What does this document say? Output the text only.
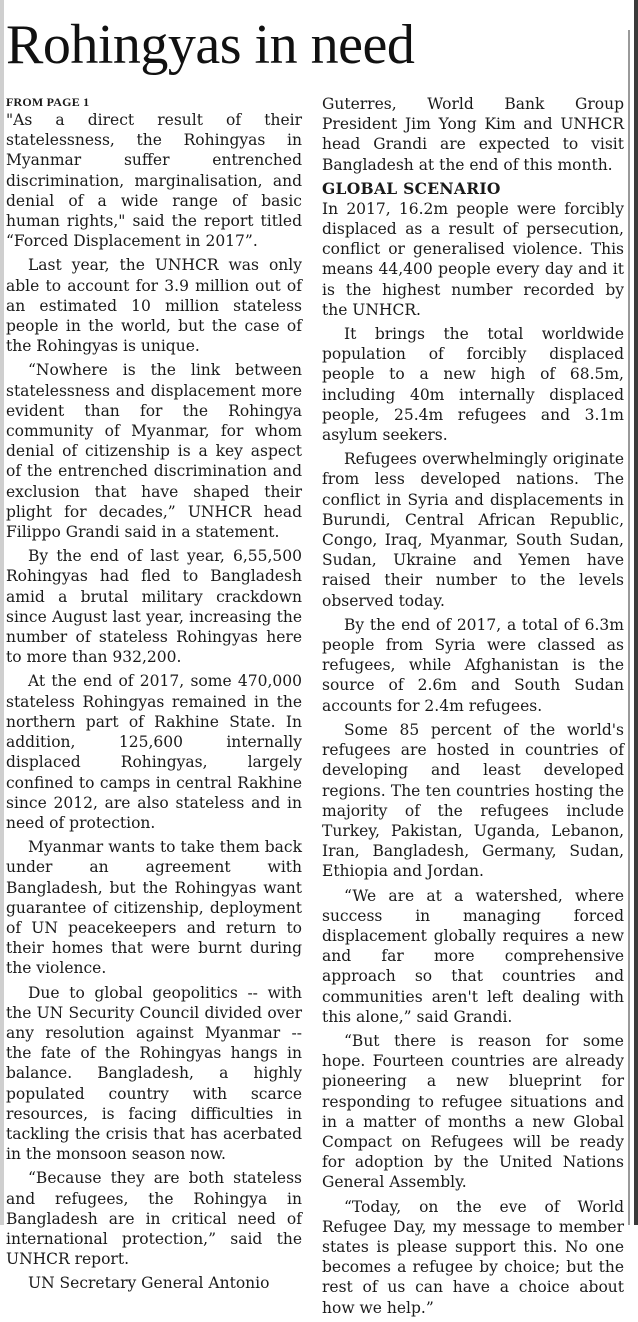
Rohingyas in need
FROM PAGE 1

"As a direct result of their statelessness, the Rohingyas in Myanmar suffer entrenched discrimination, marginalisation, and denial of a wide range of basic human rights," said the report titled “Forced Displacement in 2017”.

Last year, the UNHCR was only able to account for 3.9 million out of an estimated 10 million stateless people in the world, but the case of the Rohingyas is unique.

“Nowhere is the link between statelessness and displacement more evident than for the Rohingya community of Myanmar, for whom denial of citizenship is a key aspect of the entrenched discrimination and exclusion that have shaped their plight for decades,” UNHCR head Filippo Grandi said in a statement.

By the end of last year, 6,55,500 Rohingyas had fled to Bangladesh amid a brutal military crackdown since August last year, increasing the number of stateless Rohingyas here to more than 932,200.

At the end of 2017, some 470,000 stateless Rohingyas remained in the northern part of Rakhine State. In addition, 125,600 internally displaced Rohingyas, largely confined to camps in central Rakhine since 2012, are also stateless and in need of protection.

Myanmar wants to take them back under an agreement with Bangladesh, but the Rohingyas want guarantee of citizenship, deployment of UN peacekeepers and return to their homes that were burnt during the violence.

Due to global geopolitics -- with the UN Security Council divided over any resolution against Myanmar -- the fate of the Rohingyas hangs in balance. Bangladesh, a highly populated country with scarce resources, is facing difficulties in tackling the crisis that has acerbated in the monsoon season now.

“Because they are both stateless and refugees, the Rohingya in Bangladesh are in critical need of international protection,” said the UNHCR report.

UN Secretary General Antonio

Guterres, World Bank Group President Jim Yong Kim and UNHCR head Grandi are expected to visit Bangladesh at the end of this month.

GLOBAL SCENARIO

In 2017, 16.2m people were forcibly displaced as a result of persecution, conflict or generalised violence. This means 44,400 people every day and it is the highest number recorded by the UNHCR.

It brings the total worldwide population of forcibly displaced people to a new high of 68.5m, including 40m internally displaced people, 25.4m refugees and 3.1m asylum seekers.

Refugees overwhelmingly originate from less developed nations. The conflict in Syria and displacements in Burundi, Central African Republic, Congo, Iraq, Myanmar, South Sudan, Sudan, Ukraine and Yemen have raised their number to the levels observed today.

By the end of 2017, a total of 6.3m people from Syria were classed as refugees, while Afghanistan is the source of 2.6m and South Sudan accounts for 2.4m refugees.

Some 85 percent of the world's refugees are hosted in countries of developing and least developed regions. The ten countries hosting the majority of the refugees include Turkey, Pakistan, Uganda, Lebanon, Iran, Bangladesh, Germany, Sudan, Ethiopia and Jordan.

“We are at a watershed, where success in managing forced displacement globally requires a new and far more comprehensive approach so that countries and communities aren't left dealing with this alone,” said Grandi.

“But there is reason for some hope. Fourteen countries are already pioneering a new blueprint for responding to refugee situations and in a matter of months a new Global Compact on Refugees will be ready for adoption by the United Nations General Assembly.

“Today, on the eve of World Refugee Day, my message to member states is please support this. No one becomes a refugee by choice; but the rest of us can have a choice about how we help.”
